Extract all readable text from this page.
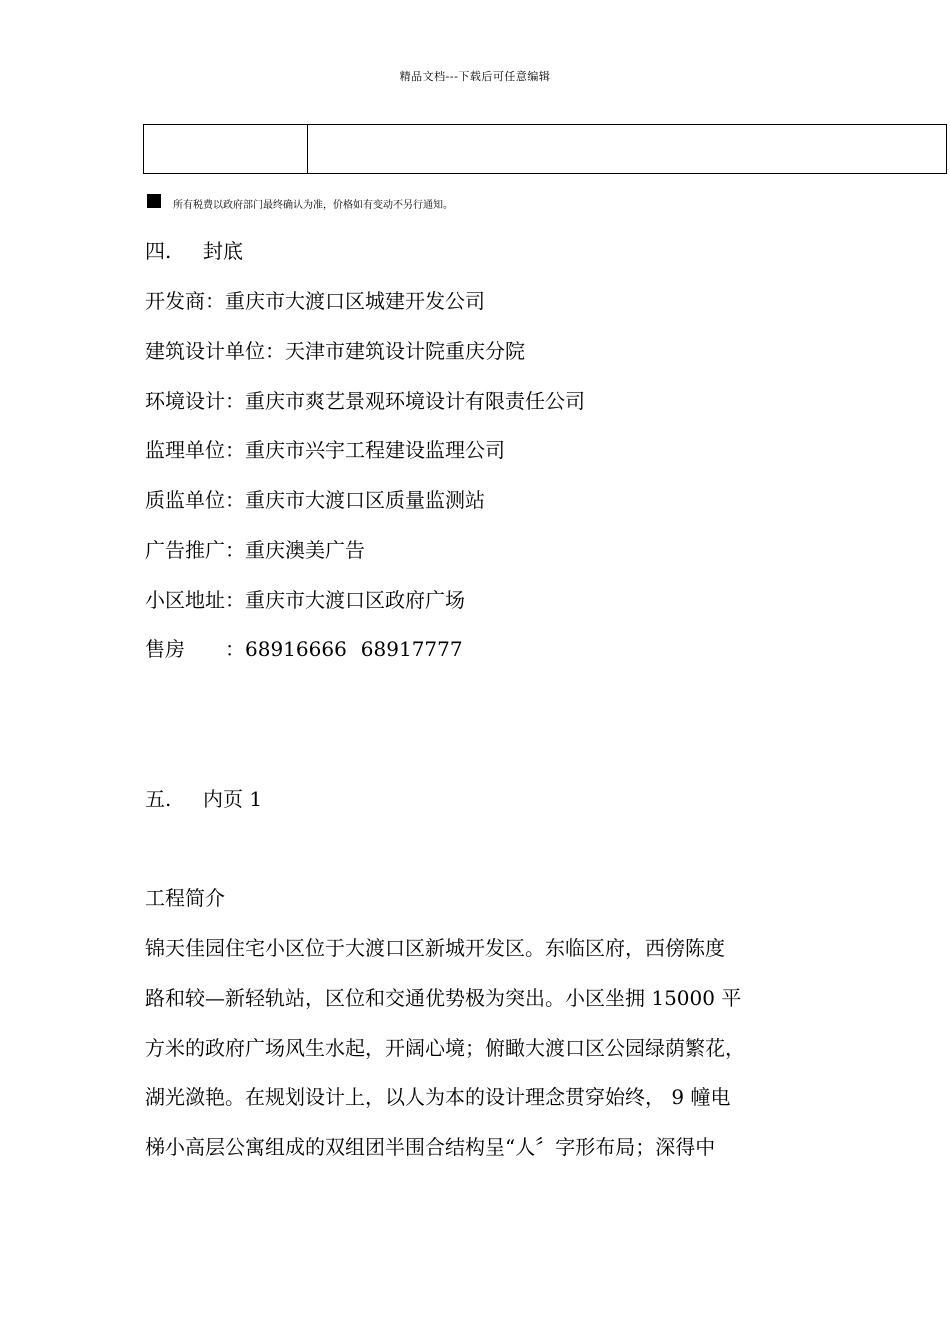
精品文档---下载后可任意编辑
所有税费以政府部门最终确认为准，价格如有变动不另行通知。
四. 封底
开发商：重庆市大渡口区城建开发公司
建筑设计单位：天津市建筑设计院重庆分院
环境设计：重庆市爽艺景观环境设计有限责任公司
监理单位：重庆市兴宇工程建设监理公司
质监单位：重庆市大渡口区质量监测站
广告推广：重庆澳美广告
小区地址：重庆市大渡口区政府广场
售房 ：68916666 68917777
五. 内页 1
工程简介
锦天佳园住宅小区位于大渡口区新城开发区。东临区府，西傍陈度
路和较—新轻轨站，区位和交通优势极为突出。小区坐拥 15000 平
方米的政府广场风生水起，开阔心境；俯瞰大渡口区公园绿荫繁花，
湖光潋艳。在规划设计上，以人为本的设计理念贯穿始终， 9 幢电
梯小高层公寓组成的双组团半围合结构呈“人〞字形布局；深得中
